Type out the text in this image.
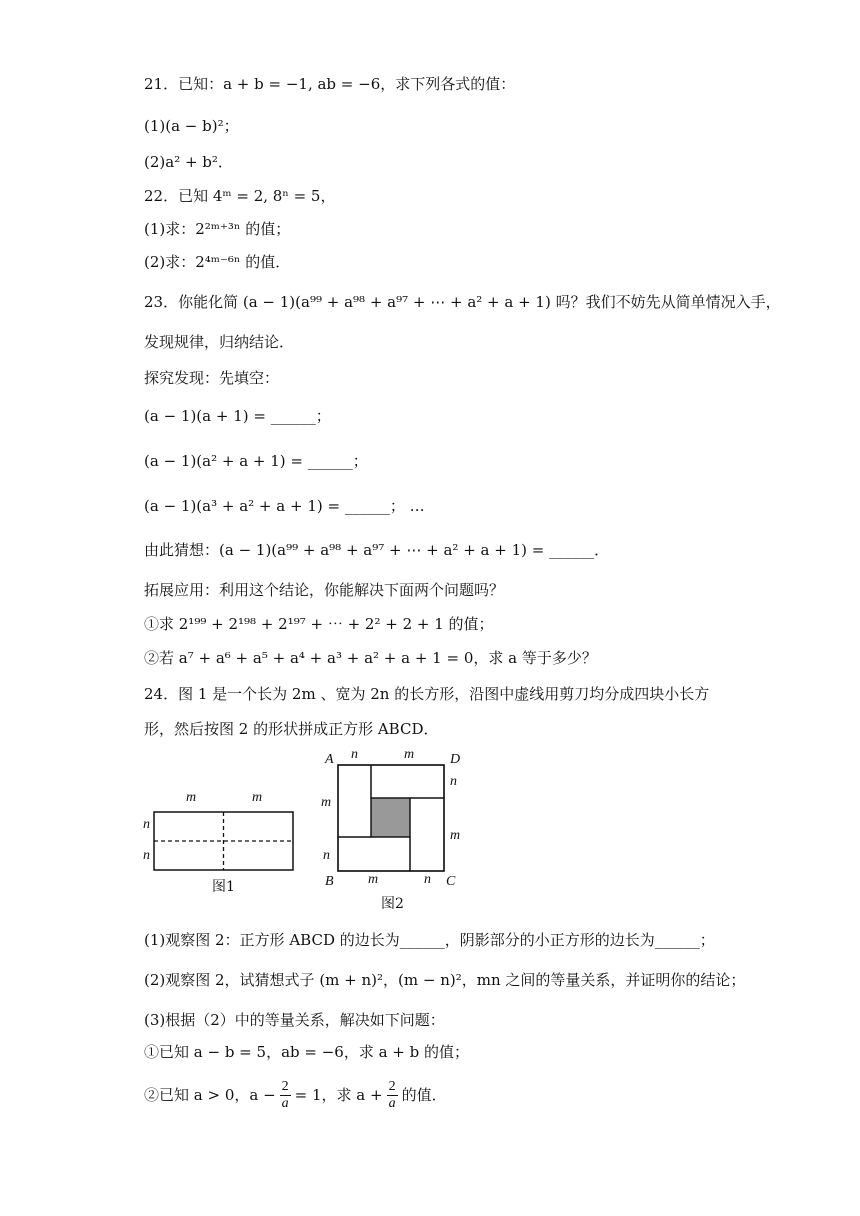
21．已知：a + b = −1, ab = −6，求下列各式的值：
(1)(a − b)²；
(2)a² + b²．
22．已知 4ᵐ = 2, 8ⁿ = 5，
(1)求：2²ᵐ⁺³ⁿ 的值；
(2)求：2⁴ᵐ⁻⁶ⁿ 的值．
23．你能化简 (a − 1)(a⁹⁹ + a⁹⁸ + a⁹⁷ + ⋯ + a² + a + 1) 吗？我们不妨先从简单情况入手，
发现规律，归纳结论．
探究发现：先填空：
(a − 1)(a + 1) = ______；
(a − 1)(a² + a + 1) = ______；
(a − 1)(a³ + a² + a + 1) = ______； …
由此猜想：(a − 1)(a⁹⁹ + a⁹⁸ + a⁹⁷ + ⋯ + a² + a + 1) = ______．
拓展应用：利用这个结论，你能解决下面两个问题吗？
①求 2¹⁹⁹ + 2¹⁹⁸ + 2¹⁹⁷ + ⋯ + 2² + 2 + 1 的值；
②若 a⁷ + a⁶ + a⁵ + a⁴ + a³ + a² + a + 1 = 0，求 a 等于多少？
24．图 1 是一个长为 2m 、宽为 2n 的长方形，沿图中虚线用剪刀均分成四块小长方
形，然后按图 2 的形状拼成正方形 ABCD．
m	m
n
n
图1
A	D
B	C
n	m
n
m
m
n
m	n
图2
(1)观察图 2：正方形 ABCD 的边长为______，阴影部分的小正方形的边长为______；
(2)观察图 2，试猜想式子 (m + n)²，(m − n)²，mn 之间的等量关系，并证明你的结论；
(3)根据（2）中的等量关系，解决如下问题：
①已知 a − b = 5，ab = −6，求 a + b 的值；
②已知 a > 0，$a - \frac{2}{a} = 1$，求 $a + \frac{2}{a}$ 的值．
